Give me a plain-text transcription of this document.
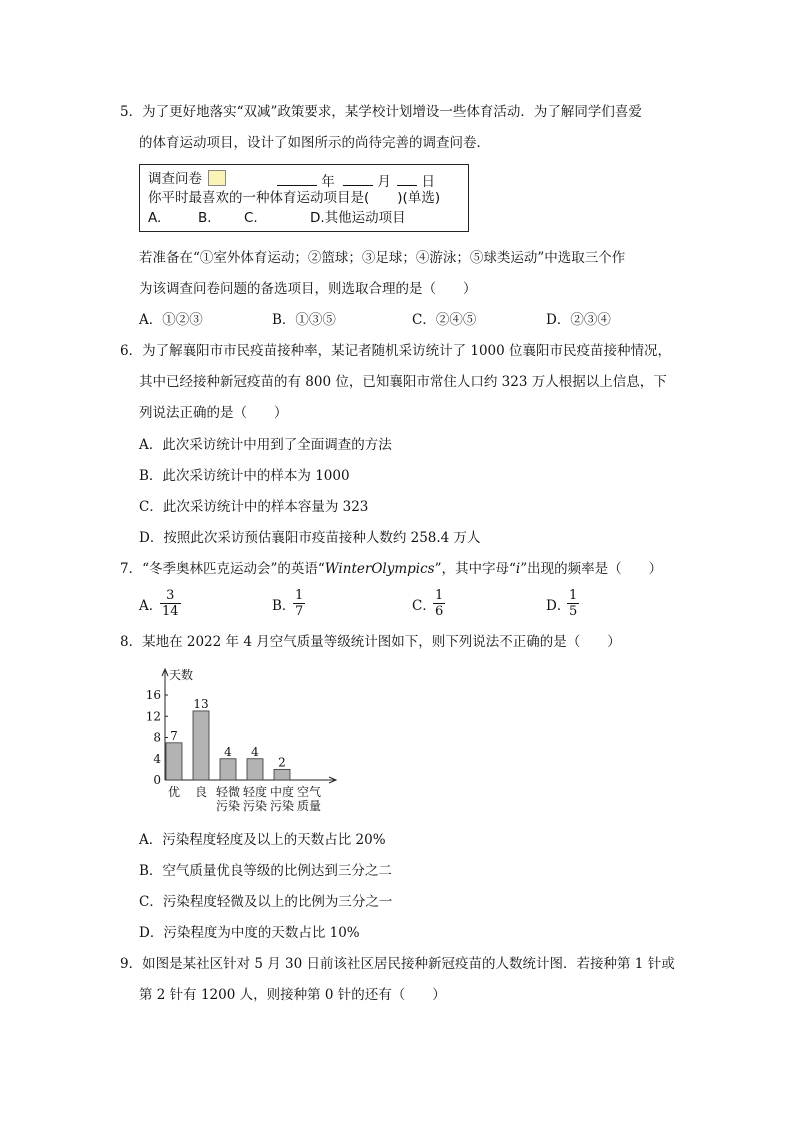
5．为了更好地落实“双减”政策要求，某学校计划增设一些体育活动．为了解同学们喜爱
的体育运动项目，设计了如图所示的尚待完善的调查问卷．
调查问卷	年	月 日
你平时最喜欢的一种体育运动项目是( )(单选)
A.	B. C.	D.其他运动项目
若准备在“①室外体育运动；②篮球；③足球；④游泳；⑤球类运动”中选取三个作
为该调查问卷问题的备选项目，则选取合理的是（　　）
A．①②③	B．①③⑤	C．②④⑤	D．②③④
6．为了解襄阳市市民疫苗接种率，某记者随机采访统计了 1000 位襄阳市民疫苗接种情况，
其中已经接种新冠疫苗的有 800 位，已知襄阳市常住人口约 323 万人根据以上信息，下
列说法正确的是（　　）
A．此次采访统计中用到了全面调查的方法
B．此次采访统计中的样本为 1000
C．此次采访统计中的样本容量为 323
D．按照此次采访预估襄阳市疫苗接种人数约 258.4 万人
7．“冬季奥林匹克运动会”的英语“WinterOlympics”，其中字母“i”出现的频率是（　　）
A．
$\frac{3}{14}$	B．
$\frac{1}{7}$	C．
$\frac{1}{6}$	D．
$\frac{1}{5}$
8．某地在 2022 年 4 月空气质量等级统计图如下，则下列说法不正确的是（　　）
天数
0
4
8
12
16
7
优
13
良
4
轻微
污染
4
轻度
污染
2
中度
污染
空气
质量
A．污染程度轻度及以上的天数占比 20%
B．空气质量优良等级的比例达到三分之二
C．污染程度轻微及以上的比例为三分之一
D．污染程度为中度的天数占比 10%
9．如图是某社区针对 5 月 30 日前该社区居民接种新冠疫苗的人数统计图．若接种第 1 针或
第 2 针有 1200 人，则接种第 0 针的还有（　　）
